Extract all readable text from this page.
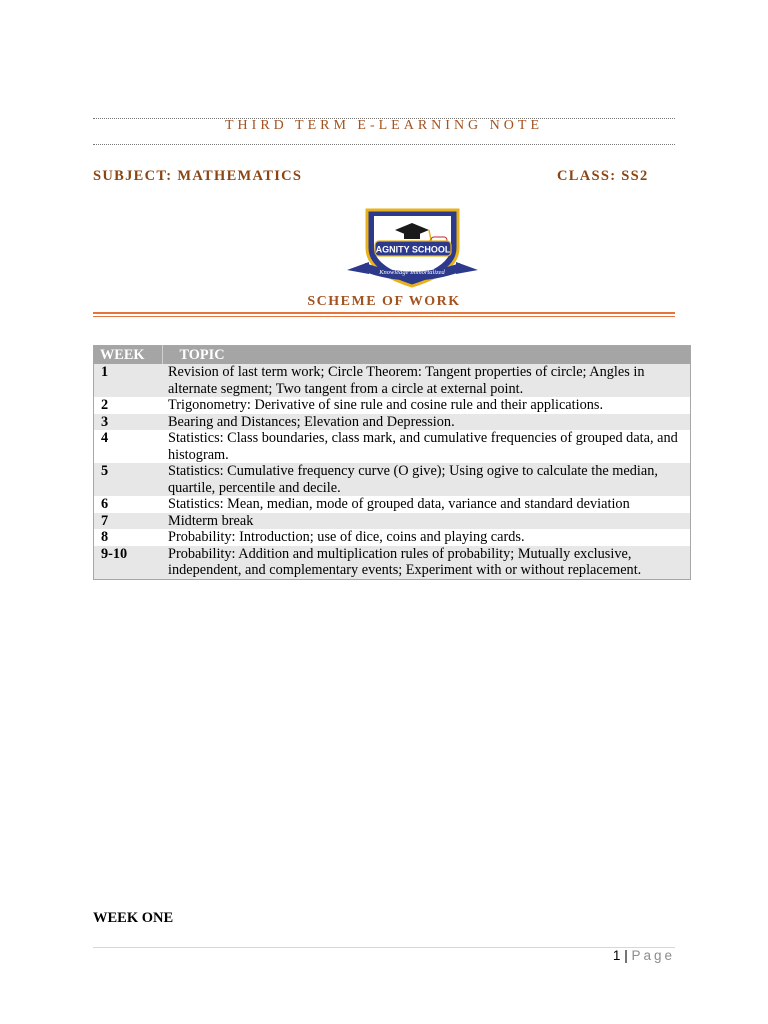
THIRD TERM E-LEARNING NOTE
SUBJECT: MATHEMATICS	CLASS: SS2
AGNITY SCHOOL
Knowledge Immortalized
SCHEME OF WORK
WEEK	TOPIC
1	Revision of last term work; Circle Theorem: Tangent properties of circle; Angles in alternate segment; Two tangent from a circle at external point.
2	Trigonometry: Derivative of sine rule and cosine rule and their applications.
3	Bearing and Distances; Elevation and Depression.
4	Statistics: Class boundaries, class mark, and cumulative frequencies of grouped data, and histogram.
5	Statistics: Cumulative frequency curve (O give); Using ogive to calculate the median, quartile, percentile and decile.
6	Statistics: Mean, median, mode of grouped data, variance and standard deviation
7	Midterm break
8	Probability: Introduction; use of dice, coins and playing cards.
9-10	Probability: Addition and multiplication rules of probability; Mutually exclusive, independent, and complementary events; Experiment with or without replacement.
WEEK ONE
1 | Page
